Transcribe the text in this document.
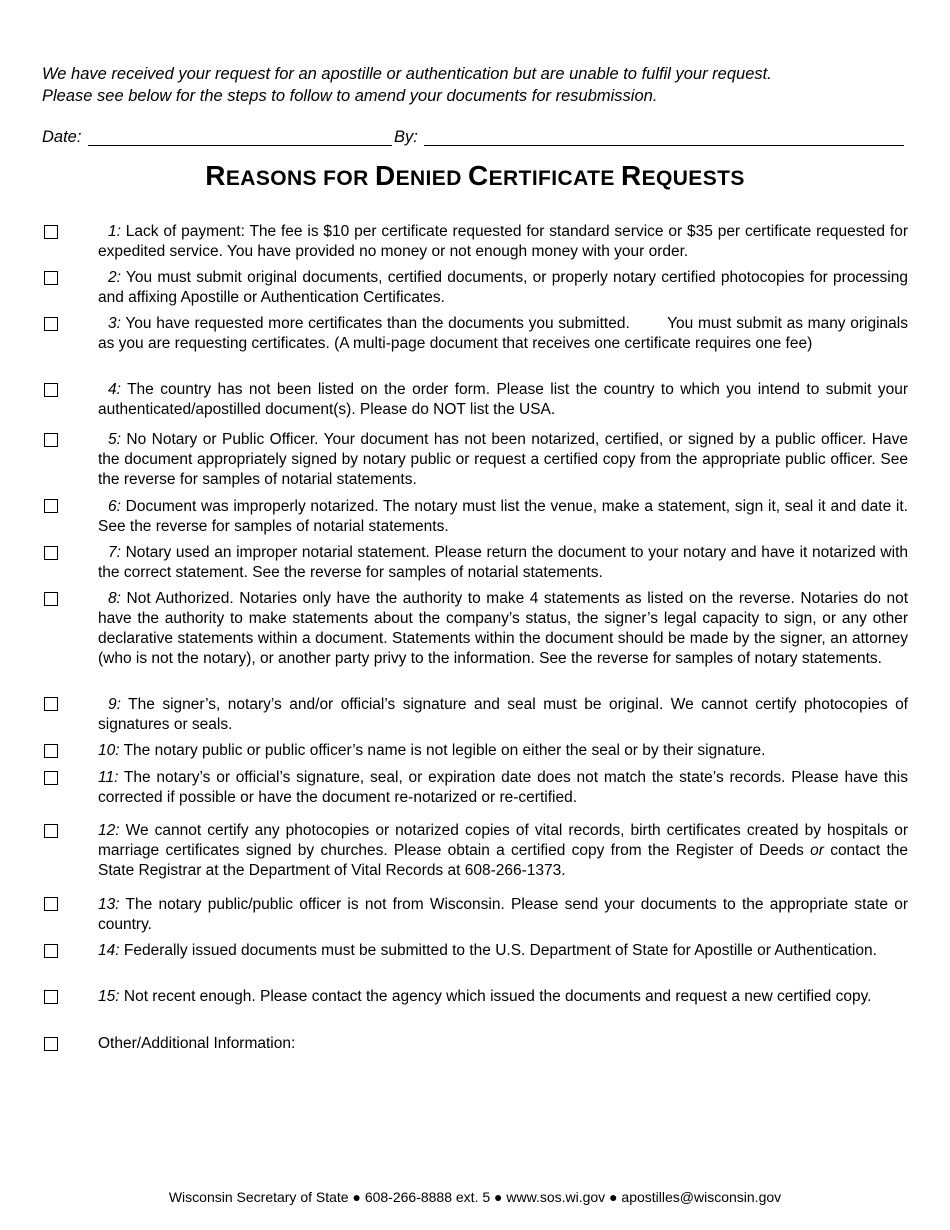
We have received your request for an apostille or authentication but are unable to fulfil your request.
Please see below for the steps to follow to amend your documents for resubmission.
Date:	By:
REASONS FOR DENIED CERTIFICATE REQUESTS
1: Lack of payment: The fee is $10 per certificate requested for standard service or $35 per certificate requested for expedited service. You have provided no money or not enough money with your order.
2: You must submit original documents, certified documents, or properly notary certified photocopies for processing and affixing Apostille or Authentication Certificates.
3: You have requested more certificates than the documents you submitted.        You must submit as many originals as you are requesting certificates. (A multi-page document that receives one certificate requires one fee)
4: The country has not been listed on the order form. Please list the country to which you intend to submit your authenticated/apostilled document(s). Please do NOT list the USA.
5: No Notary or Public Officer. Your document has not been notarized, certified, or signed by a public officer. Have the document appropriately signed by notary public or request a certified copy from the appropriate public officer. See the reverse for samples of notarial statements.
6: Document was improperly notarized. The notary must list the venue, make a statement, sign it, seal it and date it. See the reverse for samples of notarial statements.
7: Notary used an improper notarial statement. Please return the document to your notary and have it notarized with the correct statement. See the reverse for samples of notarial statements.
8: Not Authorized. Notaries only have the authority to make 4 statements as listed on the reverse. Notaries do not have the authority to make statements about the company’s status, the signer’s legal capacity to sign, or any other declarative statements within a document. Statements within the document should be made by the signer, an attorney (who is not the notary), or another party privy to the information. See the reverse for samples of notary statements.
9: The signer’s, notary’s and/or official’s signature and seal must be original. We cannot certify photocopies of signatures or seals.
10: The notary public or public officer’s name is not legible on either the seal or by their signature.
11: The notary’s or official’s signature, seal, or expiration date does not match the state’s records. Please have this corrected if possible or have the document re-notarized or re-certified.
12: We cannot certify any photocopies or notarized copies of vital records, birth certificates created by hospitals or marriage certificates signed by churches. Please obtain a certified copy from the Register of Deeds or contact the State Registrar at the Department of Vital Records at 608-266-1373.
13: The notary public/public officer is not from Wisconsin. Please send your documents to the appropriate state or country.
14: Federally issued documents must be submitted to the U.S. Department of State for Apostille or Authentication.
15: Not recent enough. Please contact the agency which issued the documents and request a new certified copy.
Other/Additional Information:
Wisconsin Secretary of State ● 608-266-8888 ext. 5 ● www.sos.wi.gov ● apostilles@wisconsin.gov
